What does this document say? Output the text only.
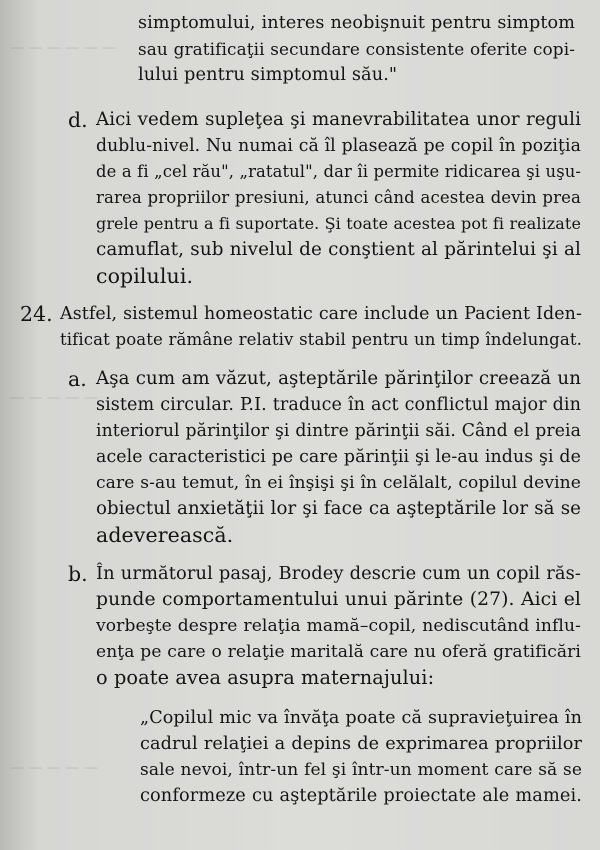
— — — — — —
— — — — —
— — — — —
simptomului, interes neobişnuit pentru simptom
sau gratificaţii secundare consistente oferite copi-
lului pentru simptomul său."
d. Aici vedem supleţea şi manevrabilitatea unor reguli
dublu-nivel. Nu numai că îl plasează pe copil în poziţia
de a fi „cel rău", „ratatul", dar îi permite ridicarea şi uşu-
rarea propriilor presiuni, atunci când acestea devin prea
grele pentru a fi suportate. Şi toate acestea pot fi realizate
camuflat, sub nivelul de conştient al părintelui şi al
copilului.
24. Astfel, sistemul homeostatic care include un Pacient Iden-
tificat poate rămâne relativ stabil pentru un timp îndelungat.
a. Aşa cum am văzut, aşteptările părinţilor creează un
sistem circular. P.I. traduce în act conflictul major din
interiorul părinţilor şi dintre părinţii săi. Când el preia
acele caracteristici pe care părinţii şi le-au indus şi de
care s-au temut, în ei înşişi şi în celălalt, copilul devine
obiectul anxietăţii lor şi face ca aşteptările lor să se
adeverească.
b. În următorul pasaj, Brodey descrie cum un copil răs-
punde comportamentului unui părinte (27). Aici el
vorbeşte despre relaţia mamă–copil, nediscutând influ-
enţa pe care o relaţie maritală care nu oferă gratificări
o poate avea asupra maternajului:
„Copilul mic va învăţa poate că supravieţuirea în
cadrul relaţiei a depins de exprimarea propriilor
sale nevoi, într-un fel şi într-un moment care să se
conformeze cu aşteptările proiectate ale mamei.
